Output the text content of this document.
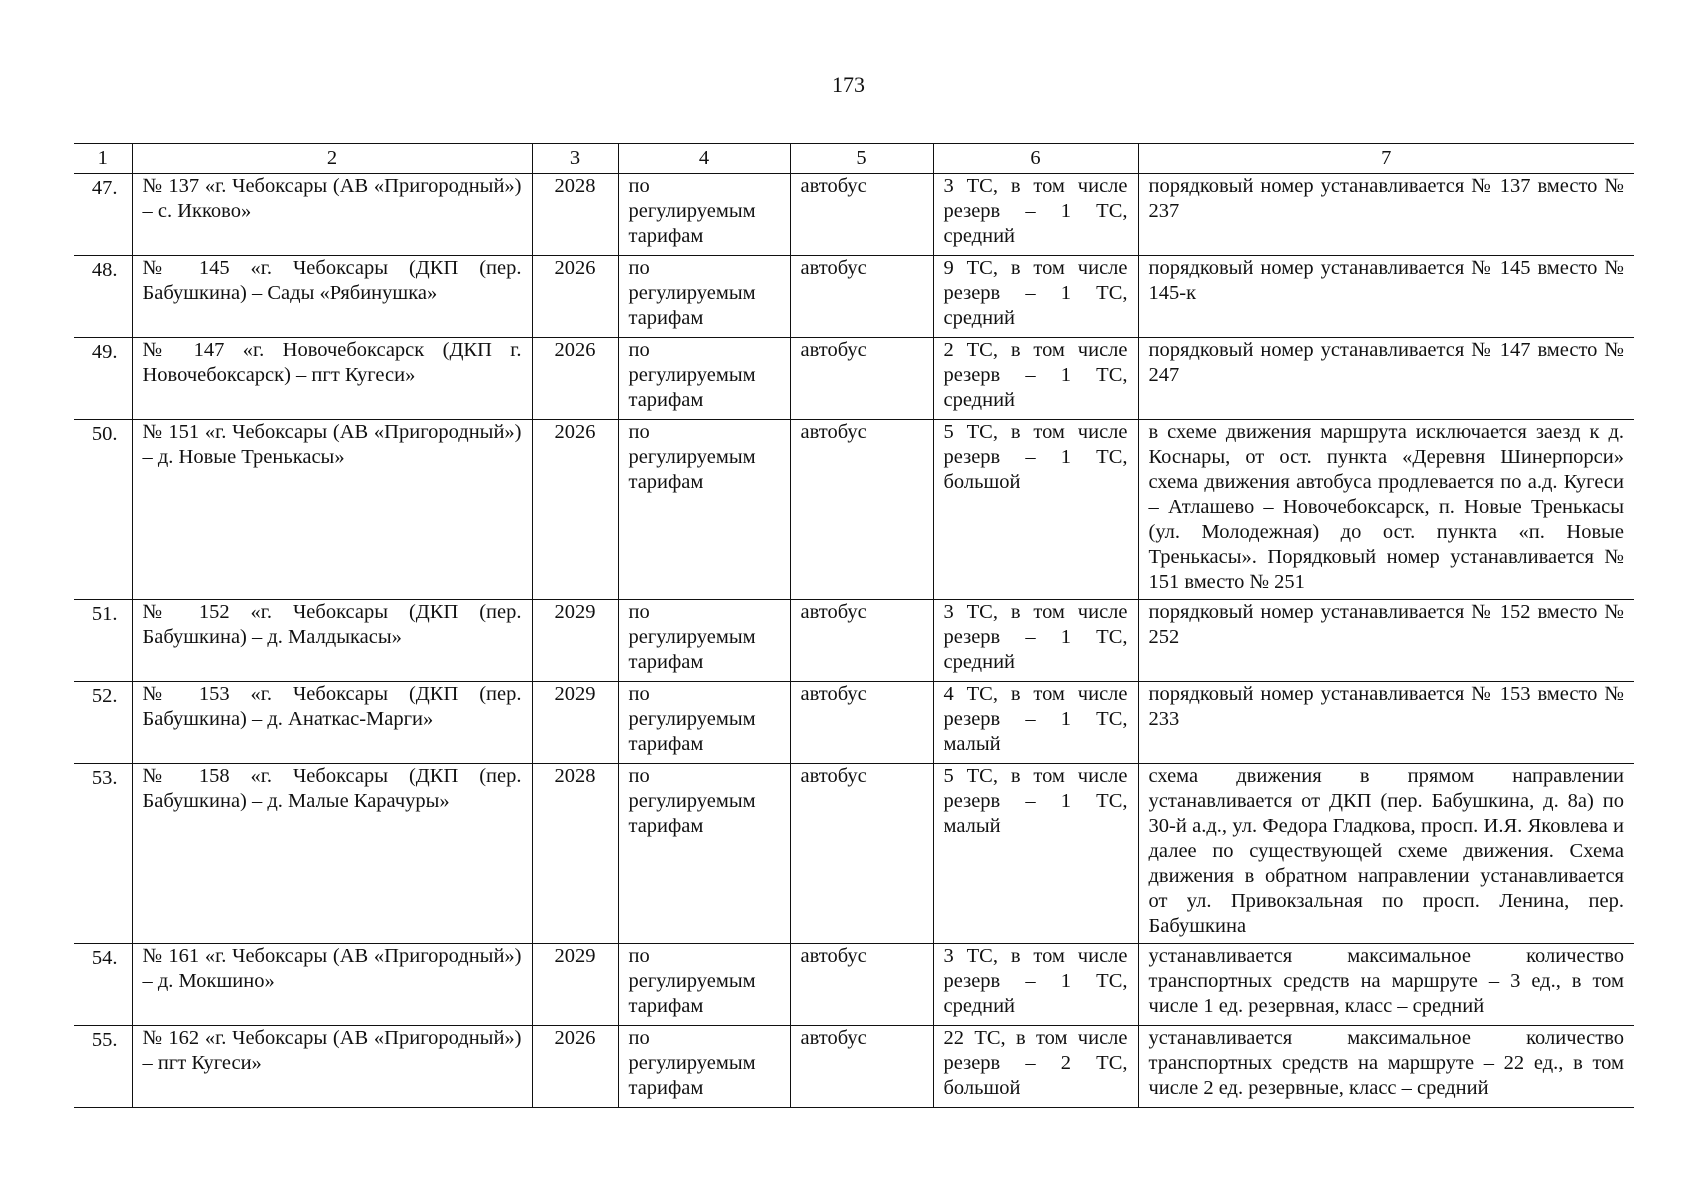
173
1	2	3	4	5	6	7
47.	№ 137 «г. Чебоксары (АВ «Пригородный») – с. Икково»	2028	по регулируемым тарифам	автобус	3 ТС, в том числе резерв – 1 ТС, средний	порядковый номер устанавливается № 137 вместо № 237
48.	№ 145 «г. Чебоксары (ДКП (пер. Бабушкина) – Сады «Рябинушка»	2026	по регулируемым тарифам	автобус	9 ТС, в том числе резерв – 1 ТС, средний	порядковый номер устанавливается № 145 вместо № 145-к
49.	№ 147 «г. Новочебоксарск (ДКП г. Новочебоксарск) – пгт Кугеси»	2026	по регулируемым тарифам	автобус	2 ТС, в том числе резерв – 1 ТС, средний	порядковый номер устанавливается № 147 вместо № 247
50.	№ 151 «г. Чебоксары (АВ «Пригородный») – д. Новые Тренькасы»	2026	по регулируемым тарифам	автобус	5 ТС, в том числе резерв – 1 ТС, большой	в схеме движения маршрута исключается заезд к д. Коснары, от ост. пункта «Деревня Шинерпорси» схема движения автобуса продлевается по а.д. Кугеси – Атлашево – Новочебоксарск, п. Новые Тренькасы (ул. Молодежная) до ост. пункта «п. Новые Тренькасы». Порядковый номер устанавливается № 151 вместо № 251
51.	№ 152 «г. Чебоксары (ДКП (пер. Бабушкина) – д. Малдыкасы»	2029	по регулируемым тарифам	автобус	3 ТС, в том числе резерв – 1 ТС, средний	порядковый номер устанавливается № 152 вместо № 252
52.	№ 153 «г. Чебоксары (ДКП (пер. Бабушкина) – д. Анаткас-Марги»	2029	по регулируемым тарифам	автобус	4 ТС, в том числе резерв – 1 ТС, малый	порядковый номер устанавливается № 153 вместо № 233
53.	№ 158 «г. Чебоксары (ДКП (пер. Бабушкина) – д. Малые Карачуры»	2028	по регулируемым тарифам	автобус	5 ТС, в том числе резерв – 1 ТС, малый	схема движения в прямом направлении устанавливается от ДКП (пер. Бабушкина, д. 8а) по 30-й а.д., ул. Федора Гладкова, просп. И.Я. Яковлева и далее по существующей схеме движения. Схема движения в обратном направлении устанавливается от ул. Привокзальная по просп. Ленина, пер. Бабушкина
54.	№ 161 «г. Чебоксары (АВ «Пригородный») – д. Мокшино»	2029	по регулируемым тарифам	автобус	3 ТС, в том числе резерв – 1 ТС, средний	устанавливается максимальное количество транспортных средств на маршруте – 3 ед., в том числе 1 ед. резервная, класс – средний
55.	№ 162 «г. Чебоксары (АВ «Пригородный») – пгт Кугеси»	2026	по регулируемым тарифам	автобус	22 ТС, в том числе резерв – 2 ТС, большой	устанавливается максимальное количество транспортных средств на маршруте – 22 ед., в том числе 2 ед. резервные, класс – средний
